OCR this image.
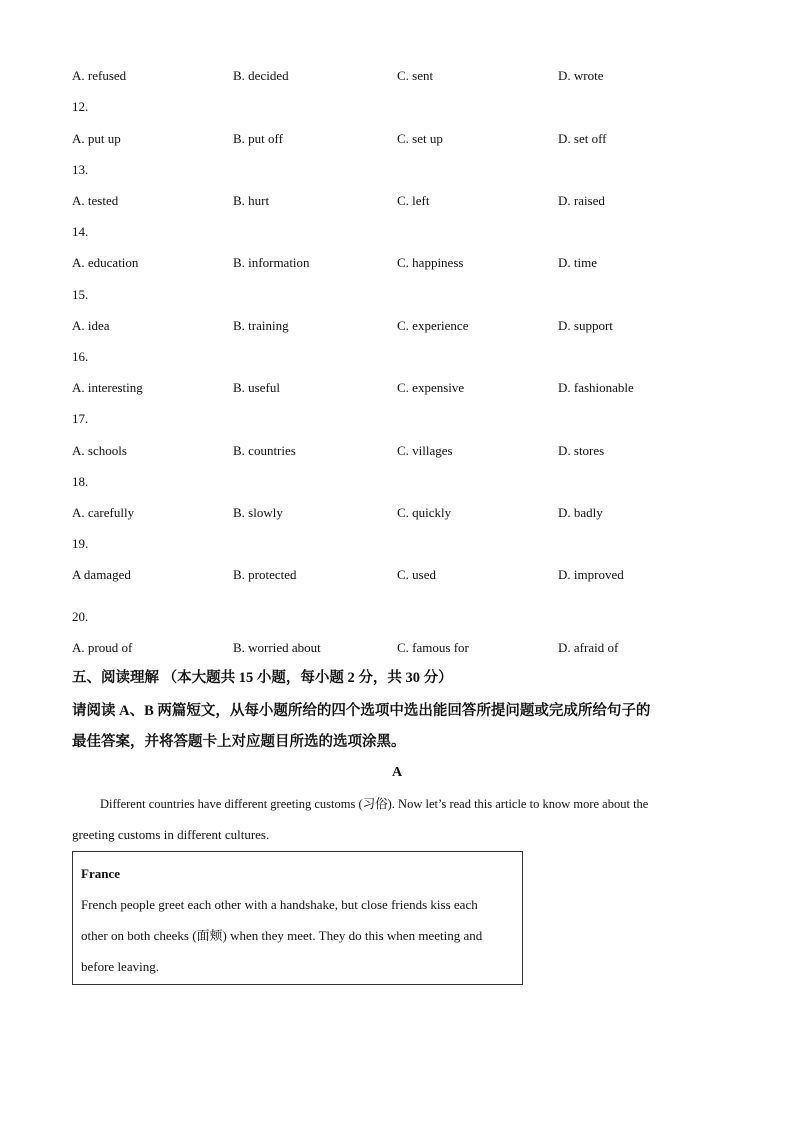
A. refused	B. decided	C. sent	D. wrote
12.
A. put up	B. put off	C. set up	D. set off
13.
A. tested	B. hurt	C. left	D. raised
14.
A. education	B. information	C. happiness	D. time
15.
A. idea	B. training	C. experience	D. support
16.
A. interesting	B. useful	C. expensive	D. fashionable
17.
A. schools	B. countries	C. villages	D. stores
18.
A. carefully	B. slowly	C. quickly	D. badly
19.
A damaged	B. protected	C. used	D. improved
20.
A. proud of	B. worried about	C. famous for	D. afraid of
五、阅读理解 （本大题共 15 小题，每小题 2 分，共 30 分）
请阅读 A、B 两篇短文，从每小题所给的四个选项中选出能回答所提问题或完成所给句子的
最佳答案，并将答题卡上对应题目所选的选项涂黑。
A
Different countries have different greeting customs (习俗). Now let’s read this article to know more about the
greeting customs in different cultures.
France
French people greet each other with a handshake, but close friends kiss each
other on both cheeks (面颊) when they meet. They do this when meeting and
before leaving.
